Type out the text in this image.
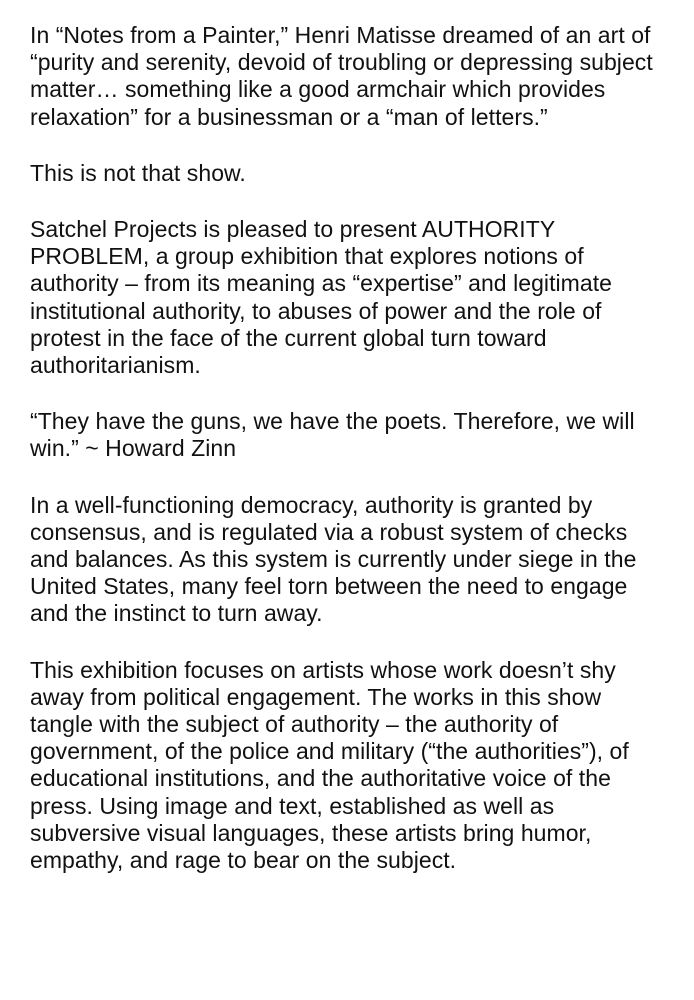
In “Notes from a Painter,” Henri Matisse dreamed of an art of “purity and serenity, devoid of troubling or depressing subject matter… something like a good armchair which provides relaxation” for a businessman or a “man of letters.”

This is not that show.

Satchel Projects is pleased to present AUTHORITY PROBLEM, a group exhibition that explores notions of authority – from its meaning as “expertise” and legitimate institutional authority, to abuses of power and the role of protest in the face of the current global turn toward authoritarianism.

“They have the guns, we have the poets. Therefore, we will win.” ~ Howard Zinn

In a well-functioning democracy, authority is granted by consensus, and is regulated via a robust system of checks and balances. As this system is currently under siege in the United States, many feel torn between the need to engage and the instinct to turn away.

This exhibition focuses on artists whose work doesn’t shy away from political engagement. The works in this show tangle with the subject of authority – the authority of government, of the police and military (“the authorities”), of educational institutions, and the authoritative voice of the press. Using image and text, established as well as subversive visual languages, these artists bring humor, empathy, and rage to bear on the subject.
